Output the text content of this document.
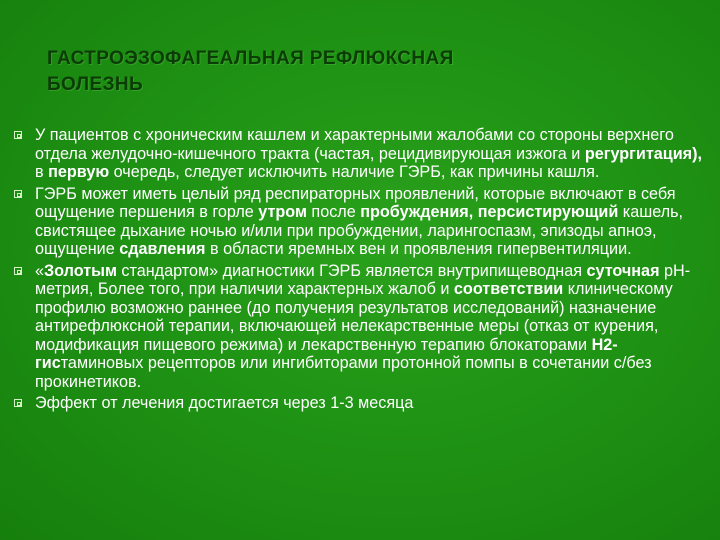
ГАСТРОЭЗОФАГЕАЛЬНАЯ РЕФЛЮКСНАЯ
БОЛЕЗНЬ
У пациентов с хроническим кашлем и характерными жалобами со стороны верхнего отдела желудочно-кишечного тракта (частая, рецидивирующая изжога и регургитация), в первую очередь, следует исключить наличие ГЭРБ, как причины кашля.
ГЭРБ может иметь целый ряд респираторных проявлений, которые включают в себя ощущение першения в горле утром после пробуждения, персистирующий кашель, свистящее дыхание ночью и/или при пробуждении, ларингоспазм, эпизоды апноэ, ощущение сдавления в области яремных вен и проявления гипервентиляции.
«Золотым стандартом» диагностики ГЭРБ является внутрипищеводная суточная рН-метрия, Более того, при наличии характерных жалоб и соответствии клиническому профилю возможно раннее (до получения результатов исследований) назначение антирефлюксной терапии, включающей нелекарственные меры (отказ от курения, модификация пищевого режима) и лекарственную терапию блокаторами Н2-гистаминовых рецепторов или ингибиторами протонной помпы в сочетании с/без прокинетиков.
Эффект от лечения достигается через 1-3 месяца
